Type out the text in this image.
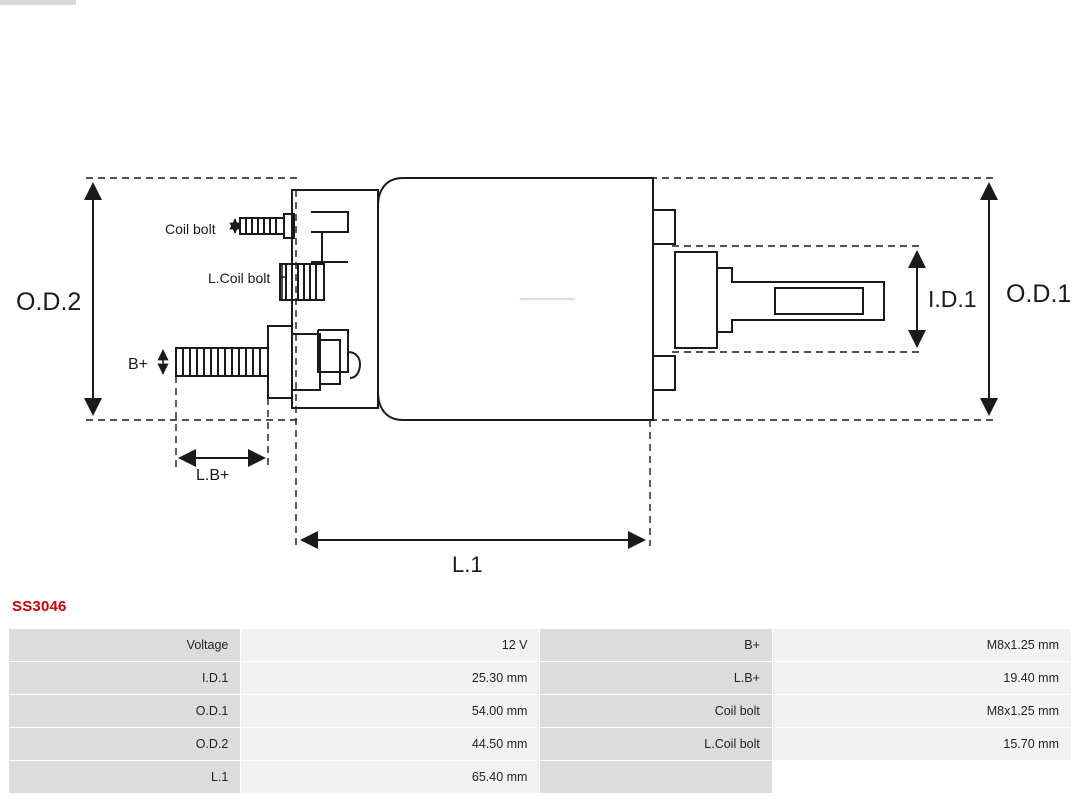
O.D.2	O.D.1
I.D.1
L.1
L.B+
B+
Coil bolt
L.Coil bolt
SS3046
Voltage	12 V	B+	M8x1.25 mm
I.D.1	25.30 mm	L.B+	19.40 mm
O.D.1	54.00 mm	Coil bolt	M8x1.25 mm
O.D.2	44.50 mm	L.Coil bolt	15.70 mm
L.1	65.40 mm		
